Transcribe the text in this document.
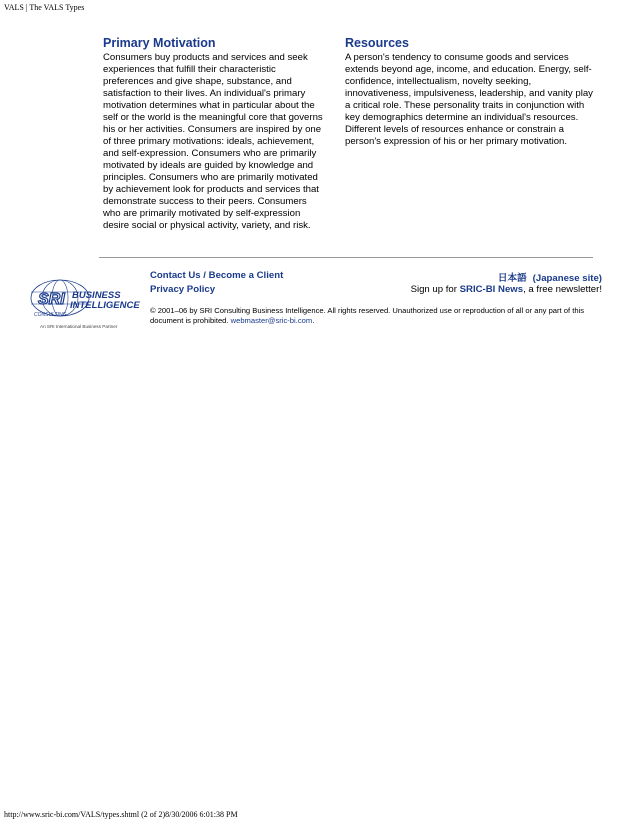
VALS | The VALS Types
Primary Motivation

Consumers buy products and services and seek experiences that fulfill their characteristic preferences and give shape, substance, and satisfaction to their lives. An individual's primary motivation determines what in particular about the self or the world is the meaningful core that governs his or her activities. Consumers are inspired by one of three primary motivations: ideals, achievement, and self-expression. Consumers who are primarily motivated by ideals are guided by knowledge and principles. Consumers who are primarily motivated by achievement look for products and services that demonstrate success to their peers. Consumers who are primarily motivated by self-expression desire social or physical activity, variety, and risk.

Resources

A person's tendency to consume goods and services extends beyond age, income, and education. Energy, self-confidence, intellectualism, novelty seeking, innovativeness, impulsiveness, leadership, and vanity play a critical role. These personality traits in conjunction with key demographics determine an individual's resources. Different levels of resources enhance or constrain a person's expression of his or her primary motivation.

SRI
CONSULTING
BUSINESS
INTELLIGENCE
An SRI International Business Partner
Contact Us / Become a Client	日本語 (Japanese site)
Privacy Policy	Sign up for SRIC-BI News, a free newsletter!
© 2001–06 by SRI Consulting Business Intelligence. All rights reserved. Unauthorized use or reproduction of all or any part of this document is prohibited. webmaster@sric-bi.com.
http://www.sric-bi.com/VALS/types.shtml (2 of 2)8/30/2006 6:01:38 PM
